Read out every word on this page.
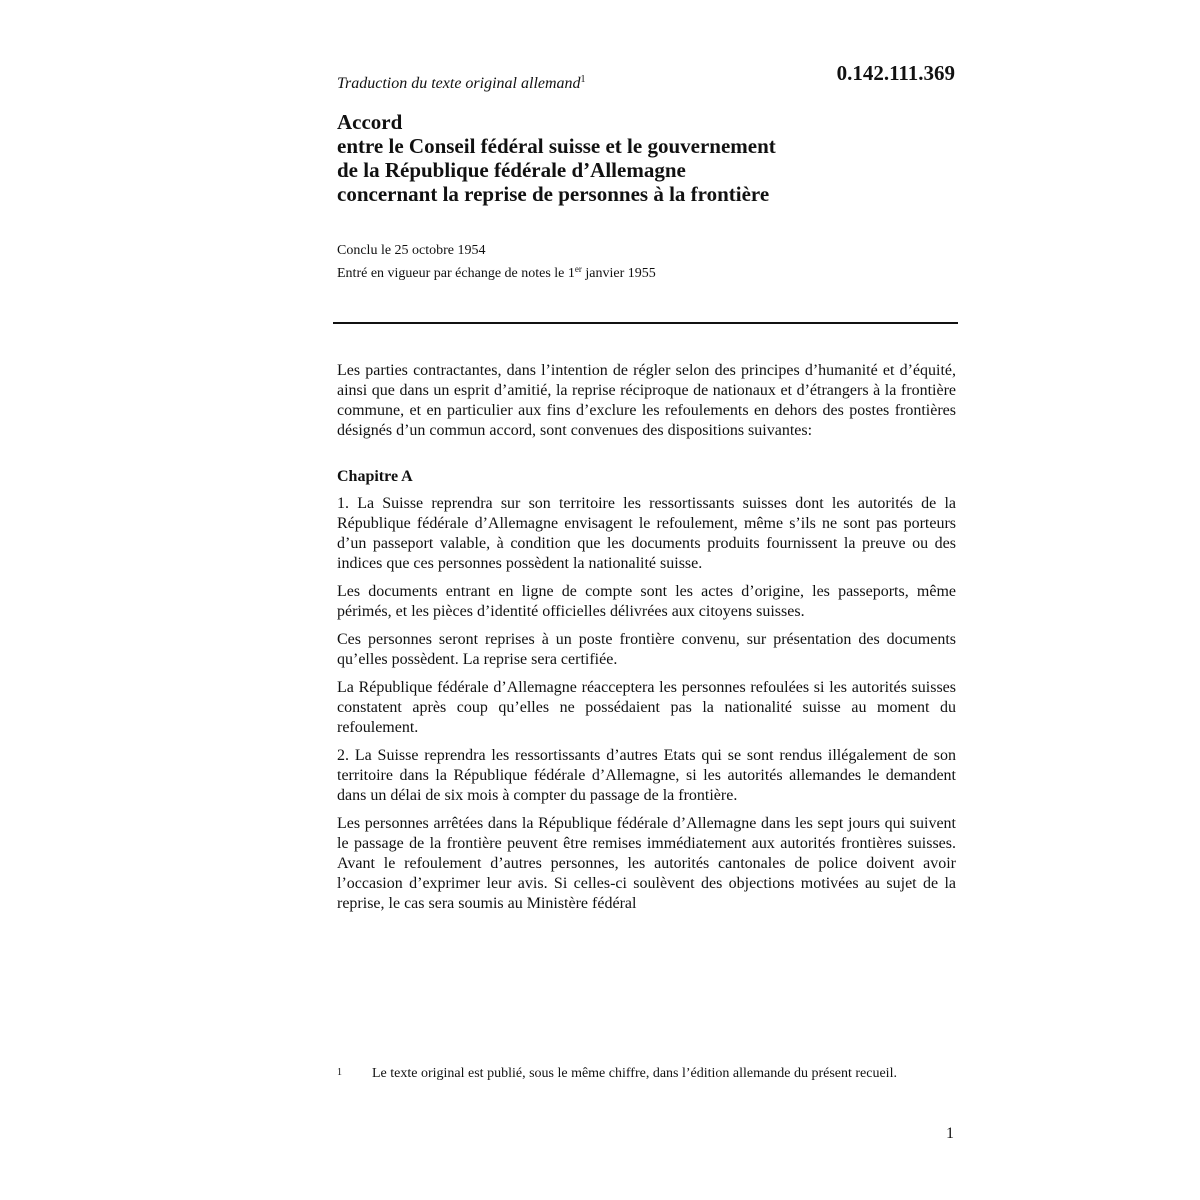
Traduction du texte original allemand$^1$	0.142.111.369
Accord
entre le Conseil fédéral suisse et le gouvernement
de la République fédérale d’Allemagne
concernant la reprise de personnes à la frontière
Conclu le 25 octobre 1954
Entré en vigueur par échange de notes le 1er janvier 1955

Les parties contractantes, dans l’intention de régler selon des principes d’humanité et d’équité, ainsi que dans un esprit d’amitié, la reprise réciproque de nationaux et d’étrangers à la frontière commune, et en particulier aux fins d’exclure les refoulements en dehors des postes frontières désignés d’un commun accord, sont convenues des dispositions suivantes:

Chapitre A

1. La Suisse reprendra sur son territoire les ressortissants suisses dont les autorités de la République fédérale d’Allemagne envisagent le refoulement, même s’ils ne sont pas porteurs d’un passeport valable, à condition que les documents produits fournissent la preuve ou des indices que ces personnes possèdent la nationalité suisse.

Les documents entrant en ligne de compte sont les actes d’origine, les passeports, même périmés, et les pièces d’identité officielles délivrées aux citoyens suisses.

Ces personnes seront reprises à un poste frontière convenu, sur présentation des documents qu’elles possèdent. La reprise sera certifiée.

La République fédérale d’Allemagne réacceptera les personnes refoulées si les autorités suisses constatent après coup qu’elles ne possédaient pas la nationalité suisse au moment du refoulement.

2. La Suisse reprendra les ressortissants d’autres Etats qui se sont rendus illégalement de son territoire dans la République fédérale d’Allemagne, si les autorités allemandes le demandent dans un délai de six mois à compter du passage de la frontière.

Les personnes arrêtées dans la République fédérale d’Allemagne dans les sept jours qui suivent le passage de la frontière peuvent être remises immédiatement aux autorités frontières suisses. Avant le refoulement d’autres personnes, les autorités cantonales de police doivent avoir l’occasion d’exprimer leur avis. Si celles-ci soulèvent des objections motivées au sujet de la reprise, le cas sera soumis au Ministère fédéral

1 Le texte original est publié, sous le même chiffre, dans l’édition allemande du présent recueil.
1
